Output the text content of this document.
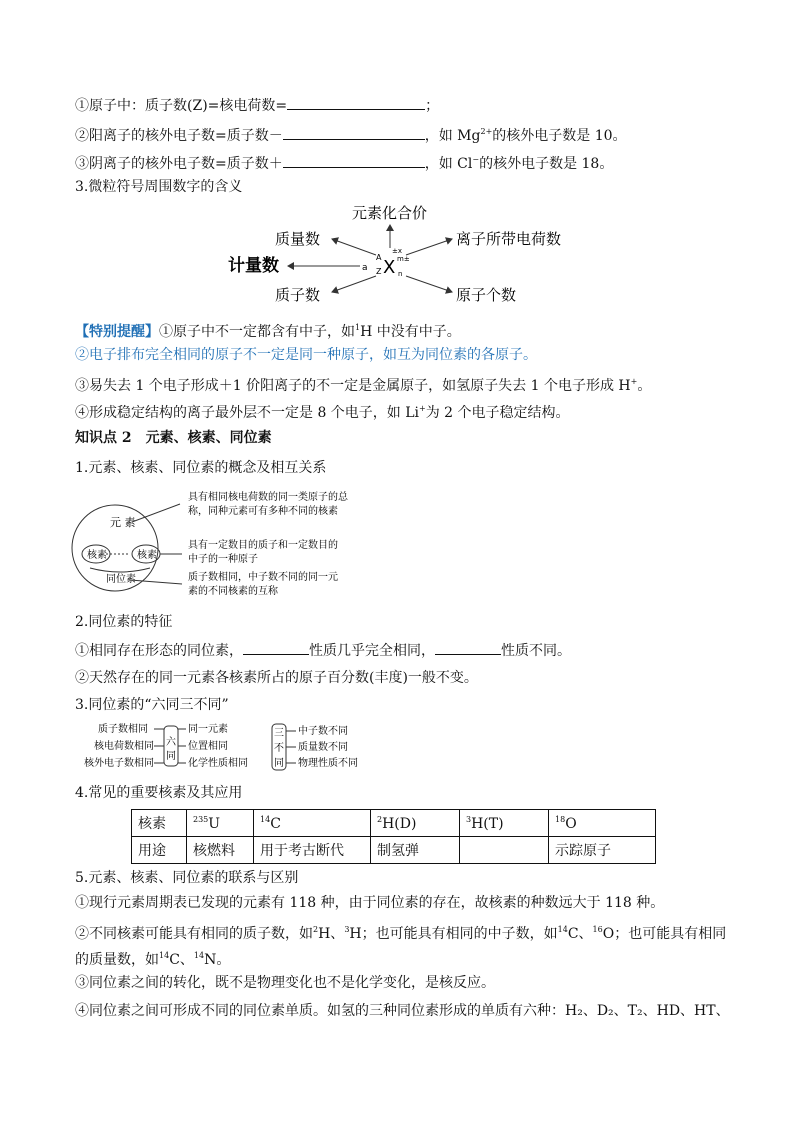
①原子中：质子数(Z)=核电荷数=	；
②阳离子的核外电子数=质子数－	，如 $Mg^{2+}$的核外电子数是 10。
③阴离子的核外电子数=质子数＋	，如 Cl−的核外电子数是 18。
3.微粒符号周围数字的含义
元素化合价
质量数	离子所带电荷数
计量数
质子数	原子个数
a
A
Z X
±x
m±
n
【特别提醒】①原子中不一定都含有中子，如$^1$H 中没有中子。
②电子排布完全相同的原子不一定是同一种原子，如互为同位素的各原子。
③易失去 1 个电子形成＋1 价阳离子的不一定是金属原子，如氢原子失去 1 个电子形成 H+。
④形成稳定结构的离子最外层不一定是 8 个电子，如 Li+为 2 个电子稳定结构。
知识点 2　元素、核素、同位素
1.元素、核素、同位素的概念及相互关系
元 素
核素	核素
同位素
具有相同核电荷数的同一类原子的总
称，同种元素可有多种不同的核素
具有一定数目的质子和一定数目的
中子的一种原子
质子数相同，中子数不同的同一元
素的不同核素的互称
2.同位素的特征
①相同存在形态的同位素，	性质几乎完全相同，	性质不同。
②天然存在的同一元素各核素所占的原子百分数(丰度)一般不变。
3.同位素的“六同三不同”
质子数相同
核电荷数相同
核外电子数相同
六
同
同一元素
位置相同
化学性质相同
三
不
同
中子数不同
质量数不同
物理性质不同
4.常见的重要核素及其应用
核素	$^{235}$U	$^{14}$C	$^2$H(D)	$^3$H(T)	$^{18}$O
用途	核燃料	用于考古断代	制氢弹		示踪原子
5.元素、核素、同位素的联系与区别
①现行元素周期表已发现的元素有 118 种，由于同位素的存在，故核素的种数远大于 118 种。
②不同核素可能具有相同的质子数，如$^2$H、$^3$H；也可能具有相同的中子数，如$^{14}$C、$^{16}$O；也可能具有相同
的质量数，如$^{14}$C、$^{14}$N。
③同位素之间的转化，既不是物理变化也不是化学变化，是核反应。
④同位素之间可形成不同的同位素单质。如氢的三种同位素形成的单质有六种：H₂、D₂、T₂、HD、HT、
